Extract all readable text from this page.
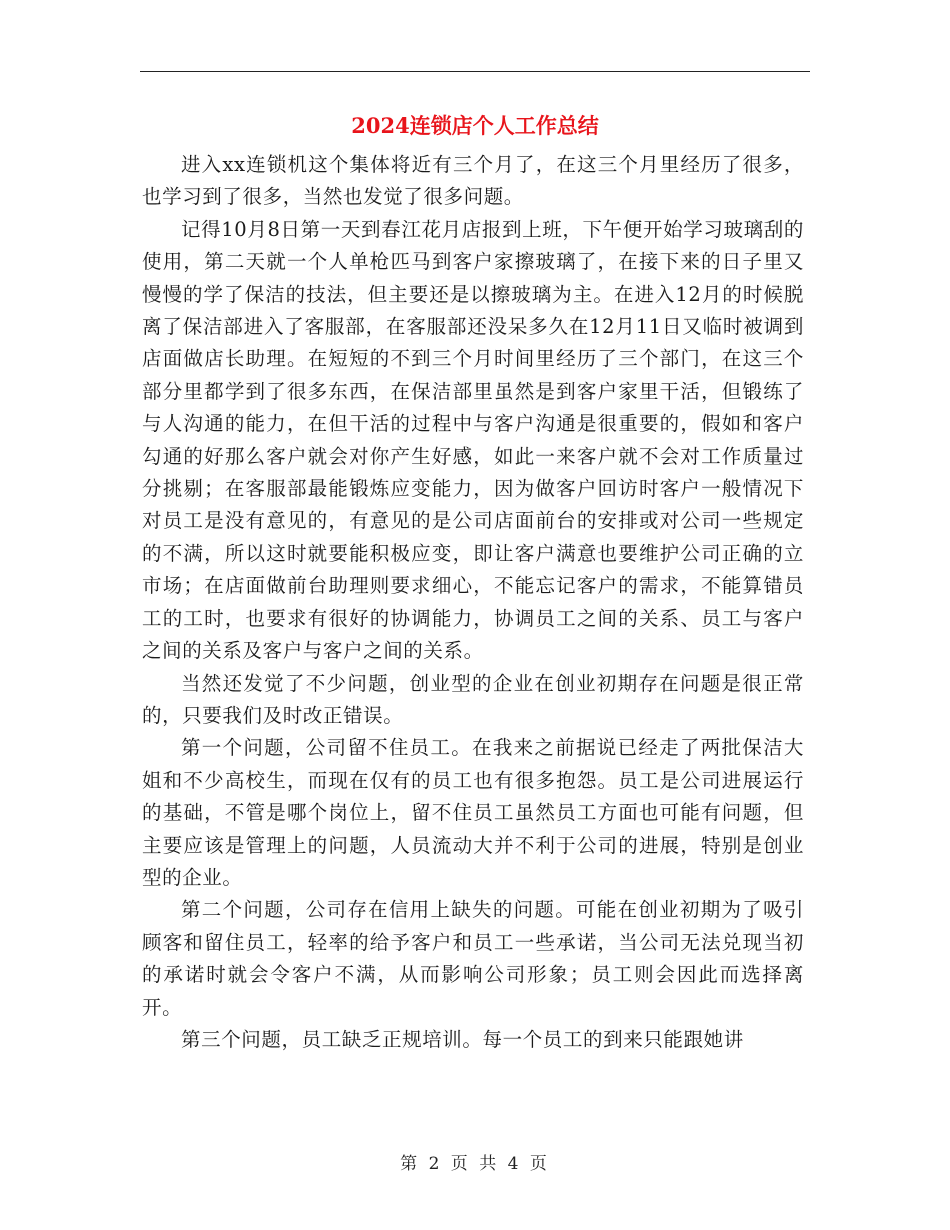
2024连锁店个人工作总结

进入xx连锁机这个集体将近有三个月了，在这三个月里经历了很多，也学习到了很多，当然也发觉了很多问题。

记得10月8日第一天到春江花月店报到上班，下午便开始学习玻璃刮的使用，第二天就一个人单枪匹马到客户家擦玻璃了，在接下来的日子里又慢慢的学了保洁的技法，但主要还是以擦玻璃为主。在进入12月的时候脱离了保洁部进入了客服部，在客服部还没呆多久在12月11日又临时被调到店面做店长助理。在短短的不到三个月时间里经历了三个部门，在这三个部分里都学到了很多东西，在保洁部里虽然是到客户家里干活，但锻练了与人沟通的能力，在但干活的过程中与客户沟通是很重要的，假如和客户勾通的好那么客户就会对你产生好感，如此一来客户就不会对工作质量过分挑剔；在客服部最能锻炼应变能力，因为做客户回访时客户一般情况下对员工是没有意见的，有意见的是公司店面前台的安排或对公司一些规定的不满，所以这时就要能积极应变，即让客户满意也要维护公司正确的立市场；在店面做前台助理则要求细心，不能忘记客户的需求，不能算错员工的工时，也要求有很好的协调能力，协调员工之间的关系、员工与客户之间的关系及客户与客户之间的关系。

当然还发觉了不少问题，创业型的企业在创业初期存在问题是很正常的，只要我们及时改正错误。

第一个问题，公司留不住员工。在我来之前据说已经走了两批保洁大姐和不少高校生，而现在仅有的员工也有很多抱怨。员工是公司进展运行的基础，不管是哪个岗位上，留不住员工虽然员工方面也可能有问题，但主要应该是管理上的问题，人员流动大并不利于公司的进展，特别是创业型的企业。

第二个问题，公司存在信用上缺失的问题。可能在创业初期为了吸引顾客和留住员工，轻率的给予客户和员工一些承诺，当公司无法兑现当初的承诺时就会令客户不满，从而影响公司形象；员工则会因此而选择离开。

第三个问题，员工缺乏正规培训。每一个员工的到来只能跟她讲

第 2 页 共 4 页
